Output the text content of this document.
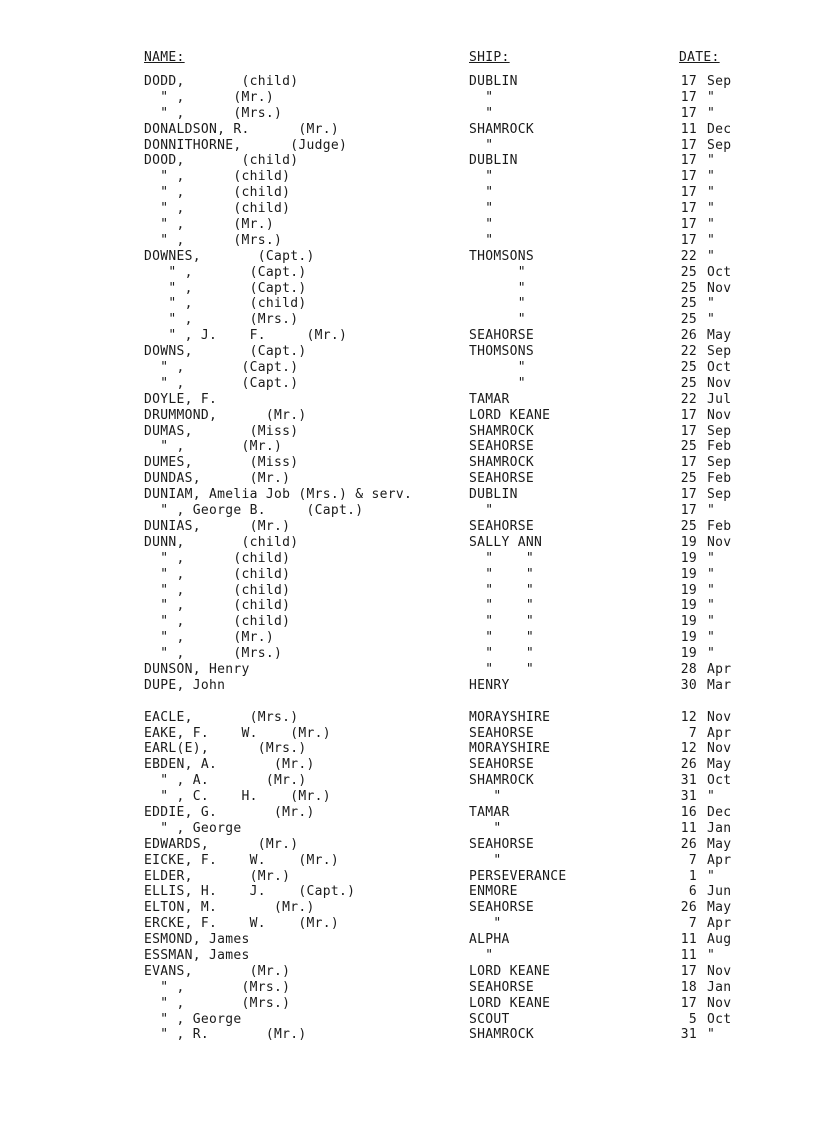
NAME:	SHIP:	DATE:
DODD,       (child)	DUBLIN	17 Sep
" ,      (Mr.)	"	17 "
" ,      (Mrs.)	"	17 "
DONALDSON, R.      (Mr.)	SHAMROCK	11 Dec
DONNITHORNE,      (Judge)	"	17 Sep
DOOD,       (child)	DUBLIN	17 "
" ,      (child)	"	17 "
" ,      (child)	"	17 "
" ,      (child)	"	17 "
" ,      (Mr.)	"	17 "
" ,      (Mrs.)	"	17 "
DOWNES,       (Capt.)	THOMSONS	22 "
" ,       (Capt.)	"	25 Oct
" ,       (Capt.)	"	25 Nov
" ,       (child)	"	25 "
" ,       (Mrs.)	"	25 "
" , J.    F.     (Mr.)	SEAHORSE	26 May
DOWNS,       (Capt.)	THOMSONS	22 Sep
" ,       (Capt.)	"	25 Oct
" ,       (Capt.)	"	25 Nov
DOYLE, F.	TAMAR	22 Jul
DRUMMOND,      (Mr.)	LORD KEANE	17 Nov
DUMAS,       (Miss)	SHAMROCK	17 Sep
" ,       (Mr.)	SEAHORSE	25 Feb
DUMES,       (Miss)	SHAMROCK	17 Sep
DUNDAS,      (Mr.)	SEAHORSE	25 Feb
DUNIAM, Amelia Job (Mrs.) & serv.	DUBLIN	17 Sep
" , George B.     (Capt.)	"	17 "
DUNIAS,      (Mr.)	SEAHORSE	25 Feb
DUNN,       (child)	SALLY ANN	19 Nov
" ,      (child)	"    "	19 "
" ,      (child)	"    "	19 "
" ,      (child)	"    "	19 "
" ,      (child)	"    "	19 "
" ,      (child)	"    "	19 "
" ,      (Mr.)	"    "	19 "
" ,      (Mrs.)	"    "	19 "
DUNSON, Henry	"    "	28 Apr
DUPE, John	HENRY	30 Mar
EACLE,       (Mrs.)	MORAYSHIRE	12 Nov
EAKE, F.    W.    (Mr.)	SEAHORSE	7 Apr
EARL(E),      (Mrs.)	MORAYSHIRE	12 Nov
EBDEN, A.       (Mr.)	SEAHORSE	26 May
" , A.       (Mr.)	SHAMROCK	31 Oct
" , C.    H.    (Mr.)	"	31 "
EDDIE, G.       (Mr.)	TAMAR	16 Dec
" , George	"	11 Jan
EDWARDS,      (Mr.)	SEAHORSE	26 May
EICKE, F.    W.    (Mr.)	"	7 Apr
ELDER,       (Mr.)	PERSEVERANCE	1 "
ELLIS, H.    J.    (Capt.)	ENMORE	6 Jun
ELTON, M.       (Mr.)	SEAHORSE	26 May
ERCKE, F.    W.    (Mr.)	"	7 Apr
ESMOND, James	ALPHA	11 Aug
ESSMAN, James	"	11 "
EVANS,       (Mr.)	LORD KEANE	17 Nov
" ,       (Mrs.)	SEAHORSE	18 Jan
" ,       (Mrs.)	LORD KEANE	17 Nov
" , George	SCOUT	5 Oct
" , R.       (Mr.)	SHAMROCK	31 "
